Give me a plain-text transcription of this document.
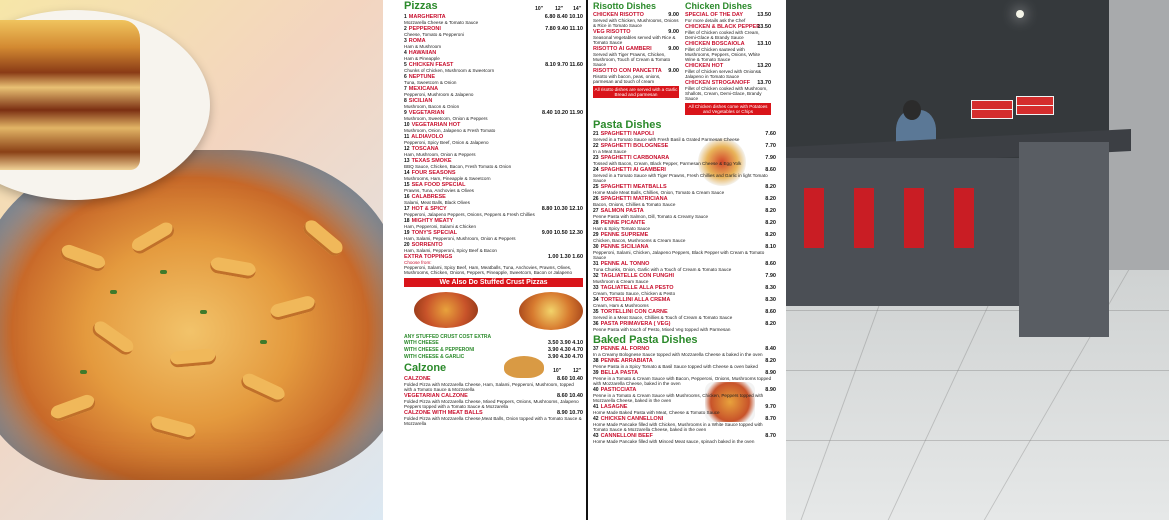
Pizzas	10" 12" 14"
1 MARGHERITA	6.80 8.40 10.10
Mozzarella Cheese & Tomato Sauce
2 PEPPERONI	7.80 9.40 11.10
Cheese, Tomato & Pepperoni
3 ROMA
Ham & Mushroom
4 HAWAIIAN
Ham & Pineapple
5 CHICKEN FEAST	8.10 9.70 11.60
Chunks of Chicken, Mushroom & Sweetcorn
6 NEPTUNE
Tuna, Sweetcorn & Onion
7 MEXICANA
Pepperoni, Mushroom & Jalapeno
8 SICILIAN
Mushroom, Bacon & Onion
9 VEGETARIAN	8.40 10.20 11.90
Mushroom, Sweetcorn, Onion & Peppers
10 VEGETARIAN HOT
Mushroom, Onion, Jalapeno & Fresh Tomato
11 ALDIAVOLO
Pepperoni, Spicy Beef, Onion & Jalapeno
12 TOSCANA
Ham, Mushroom, Onion & Peppers
13 TEXAS SMOKE
BBQ Sauce, Chicken, Bacon, Fresh Tomato & Onion
14 FOUR SEASONS
Mushrooms, Ham, Pineapple & Sweetcorn
15 SEA FOOD SPECIAL
Prawns, Tuna, Anchovies & Olives
16 CALABRESE
Salami, Meat Balls, Black Olives
17 HOT & SPICY	8.80 10.30 12.10
Pepperoni, Jalapeno Peppers, Onions, Peppers & Fresh Chillies
18 MIGHTY MEATY
Ham, Pepperoni, Salami & Chicken
19 TONY'S SPECIAL	9.00 10.50 12.30
Ham, Salami, Pepperoni, Mushroom, Onion & Peppers
20 SORRENTO
Ham, Salami, Pepperoni, Spicy Beef & Bacon
EXTRA TOPPINGS	1.00 1.30 1.60
Choose from:
Pepperoni, Salami, Spicy Beef, Ham, Meatballs, Tuna, Anchovies, Prawns, Olives, Mushrooms, Chicken, Onions, Peppers, Pineapple, Sweetcorn, Bacon or Jalapeno
We Also Do Stuffed Crust Pizzas
ANY STUFFED CRUST COST EXTRA
WITH CHEESE	3.50 3.90 4.10
WITH CHEESE & PEPPERONI	3.90 4.30 4.70
WITH CHEESE & GARLIC	3.90 4.30 4.70
Calzone	10" 12"
CALZONE	8.60 10.40
Folded Pizza with Mozzarella Cheese, Ham, Salami, Pepperoni, Mushroom, topped with a Tomato Sauce & Mozzarella
VEGETARIAN CALZONE	8.60 10.40
Folded Pizza with Mozzarella Cheese, Mixed Peppers, Onions, Mushrooms, Jalapeno Peppers topped with a Tomato Sauce & Mozzarella
CALZONE WITH MEAT BALLS	8.90 10.70
Folded Pizza with Mozzarella Cheese,Meat Balls, Onion topped with a Tomato Sauce & Mozzarella
Risotto Dishes
CHICKEN RISOTTO	9.00
Served with Chicken, Mushrooms, Onions & Rice in Tomato Sauce
VEG RISOTTO	9.00
Seasonal Vegetables served with Rice & Tomato Sauce
RISOTTO AI GAMBERI	9.00
Served with Tiger Prawns, Chicken, Mushroom, Touch of Cream & Tomato Sauce
RISOTTO CON PANCETTA 9.00
Risotto with bacon, peas, onions, parmesan and touch of cream
All risotto dishes are served with a Garlic Bread and parmesan
Chicken Dishes
SPECIAL OF THE DAY	13.50
For more details ask the Chef
CHICKEN & BLACK PEPPER
13.50
Fillet of Chicken cooked with Cream, Demi-Glace & Brandy Sauce
CHICKEN BOSCAIOLA 13.10
Fillet of Chicken sauteed with Mushrooms, Peppers, Onions, White Wine & Tomato Sauce
CHICKEN HOT	13.20
Fillet of Chicken served with Onions& Jalapeno in Tomato Sauce
CHICKEN STROGANOFF 13.70
Fillet of Chicken cooked with Mushroom, Shallots, Cream, Demi-Glace, Brandy Sauce
All Chicken dishes come with Potatoes and Vegetables or Chips
Pasta Dishes
21 SPAGHETTI NAPOLI	7.60
Served in a Tomato Sauce with Fresh Basil & Grated Parmesan Cheese
22 SPAGHETTI BOLOGNESE	7.70
In a Meat Sauce
23 SPAGHETTI CARBONARA	7.90
Tossed with Bacon, Cream, Black Pepper, Parmesan Cheese & Egg Yolk
24 SPAGHETTI AI GAMBERI	8.60
Served in a Tomato Sauce with Tiger Prawns, Fresh Chillies and Garlic in light Tomato Sauce
25 SPAGHETTI MEATBALLS	8.20
Home Made Meat Balls, Chillies, Onion, Tomato & Cream Sauce
26 SPAGHETTI MATRICIANA	8.20
Bacon, Onions, Chillies & Tomato Sauce
27 SALMON PASTA	8.20
Penne Pasta with Salmon, Dill, Tomato & Creamy Sauce
28 PENNE PICANTE	8.20
Ham & Spicy Tomato Sauce
29 PENNE SUPREME	8.20
Chicken, Bacon, Mushrooms & Cream Sauce
30 PENNE SICILIANA	8.10
Pepperoni, Salami, Chicken, Jalapeno Peppers, Black Pepper with Cream & Tomato Sauce
31 PENNE AL TONNO	8.60
Tuna Chunks, Onion, Garlic with a Touch of Cream & Tomato Sauce
32 TAGLIATELLE CON FUNGHI	7.90
Mushroom & Cream Sauce
33 TAGLIATELLE ALLA PESTO	8.30
Cream, Tomato Sauce, Chicken & Pesto
34 TORTELLINI ALLA CREMA	8.30
Cream, Ham & Mushrooms
35 TORTELLINI CON CARNE	8.60
Served in a Meat Sauce, Chillies & Touch of Cream & Tomato Sauce
36 PASTA PRIMAVERA ( VEG)	8.20
Penne Pasta with touch of Pesto, Mixed Veg topped with Parmesan
Baked Pasta Dishes
37 PENNE AL FORNO	8.40
In a Creamy Bolognese Sauce topped with Mozzarella Cheese & baked in the oven
38 PENNE ARRABIATA	8.20
Penne Pasta in a Spicy Tomato & Basil Sauce topped with Cheese & oven baked
39 BELLA PASTA	8.90
Penne in a Tomato & Cream Sauce with Bacon, Pepperoni, Onions, Mushrooms topped with Mozzarella Cheese, baked in the oven
40 PASTICCIATA	8.90
Penne in a Tomato & Cream Sauce with Mushrooms, Chicken, Peppers topped with Mozzarella Cheese, baked in the oven
41 LASAGNE	9.70
Home Made Baked Pasta with Meat, Cheese & Tomato Sauce
42 CHICKEN CANNELLONI	8.70
Home Made Pancake filled with Chicken, Mushrooms in a White Sauce topped with Tomato Sauce & Mozzarella Cheese, baked in the oven
43 CANNELLONI BEEF	8.70
Home Made Pancake filled with Minced Meat sauce, spinach baked in the oven
